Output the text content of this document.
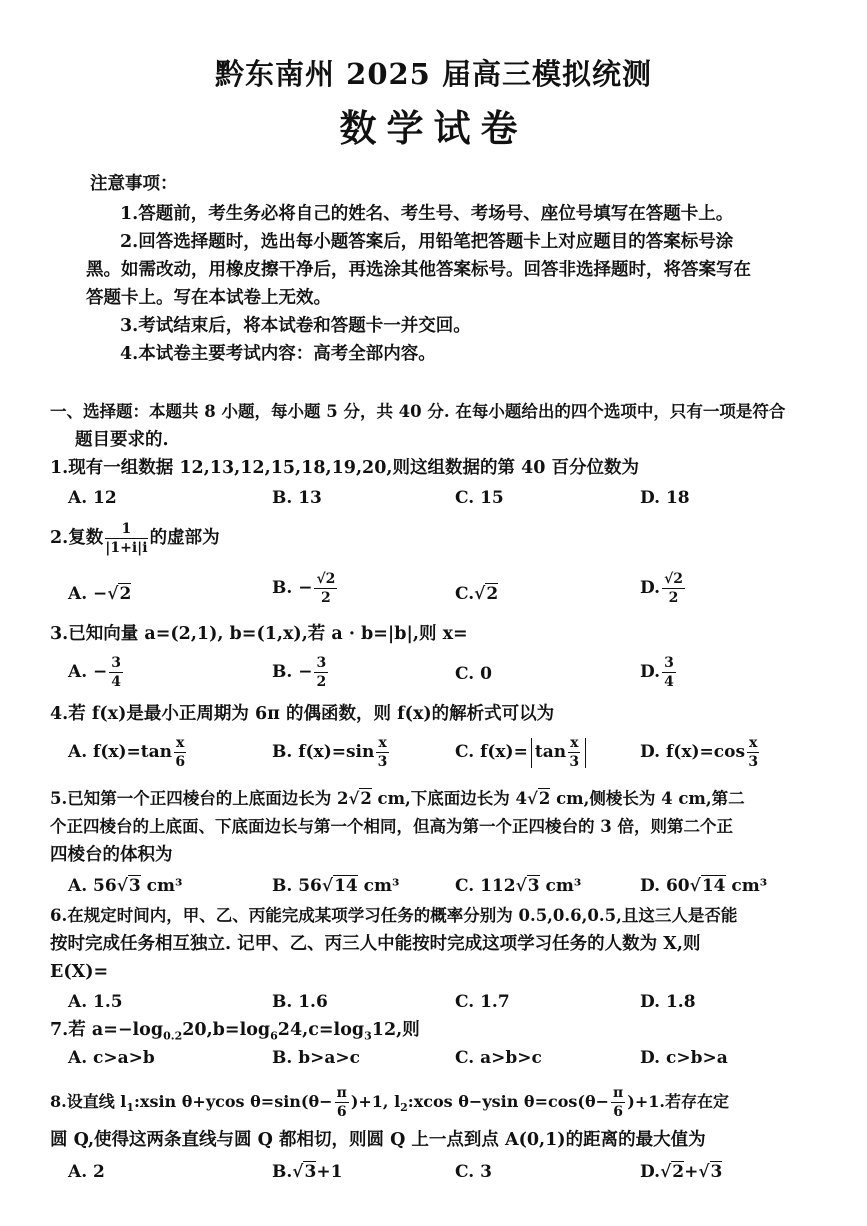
黔东南州 2025 届高三模拟统测
数学试卷
注意事项：
1.答题前，考生务必将自己的姓名、考生号、考场号、座位号填写在答题卡上。
2.回答选择题时，选出每小题答案后，用铅笔把答题卡上对应题目的答案标号涂
黑。如需改动，用橡皮擦干净后，再选涂其他答案标号。回答非选择题时，将答案写在
答题卡上。写在本试卷上无效。
3.考试结束后，将本试卷和答题卡一并交回。
4.本试卷主要考试内容：高考全部内容。
一、选择题：本题共 8 小题，每小题 5 分，共 40 分. 在每小题给出的四个选项中，只有一项是符合
题目要求的.
1.现有一组数据 12,13,12,15,18,19,20,则这组数据的第 40 百分位数为
A. 12	B. 13	C. 15	D. 18
2.复数 $\frac{1}{|1+i|i}$ 的虚部为
A. −√2	B. − $\frac{√2}{2}$	C.√2	D. $\frac{√2}{2}$
3.已知向量 a=(2,1), b=(1,x),若 a · b=|b|,则 x=
A. − $\frac{3}{4}$	B. − $\frac{3}{2}$	C. 0	D. $\frac{3}{4}$
4.若 f(x)是最小正周期为 6π 的偶函数，则 f(x)的解析式可以为
A. $f(x)=\tan \frac{x}{6}$	B. $f(x)=\sin \frac{x}{3}$	C. $f(x)= \tan \frac{x}{3}$	D. $f(x)=\cos \frac{x}{3}$
5.已知第一个正四棱台的上底面边长为 2√2 cm,下底面边长为 4√2 cm,侧棱长为 4 cm,第二
个正四棱台的上底面、下底面边长与第一个相同，但高为第一个正四棱台的 3 倍，则第二个正
四棱台的体积为
A. 56√3 cm³	B. 56√14 cm³	C. 112√3 cm³	D. 60√14 cm³
6.在规定时间内，甲、乙、丙能完成某项学习任务的概率分别为 0.5,0.6,0.5,且这三人是否能
按时完成任务相互独立. 记甲、乙、丙三人中能按时完成这项学习任务的人数为 X,则
E(X)=
A. 1.5	B. 1.6	C. 1.7	D. 1.8
7.若 $a=-\log_{0.2}20,b=\log_624,c=\log_312$,则
A. c>a>b	B. b>a>c	C. a>b>c	D. c>b>a
8.设直线 $l_1:xsin$ θ+ycos $\theta=\sin(\theta- \frac{\pi}{6} )+1$, $l_2:xcos$ θ−ysin $\theta=\cos(\theta- \frac{\pi}{6} )+1$.若存在定
圆 Q,使得这两条直线与圆 Q 都相切，则圆 Q 上一点到点 A(0,1)的距离的最大值为
A. 2	B.√3+1	C. 3	D.√2+√3
